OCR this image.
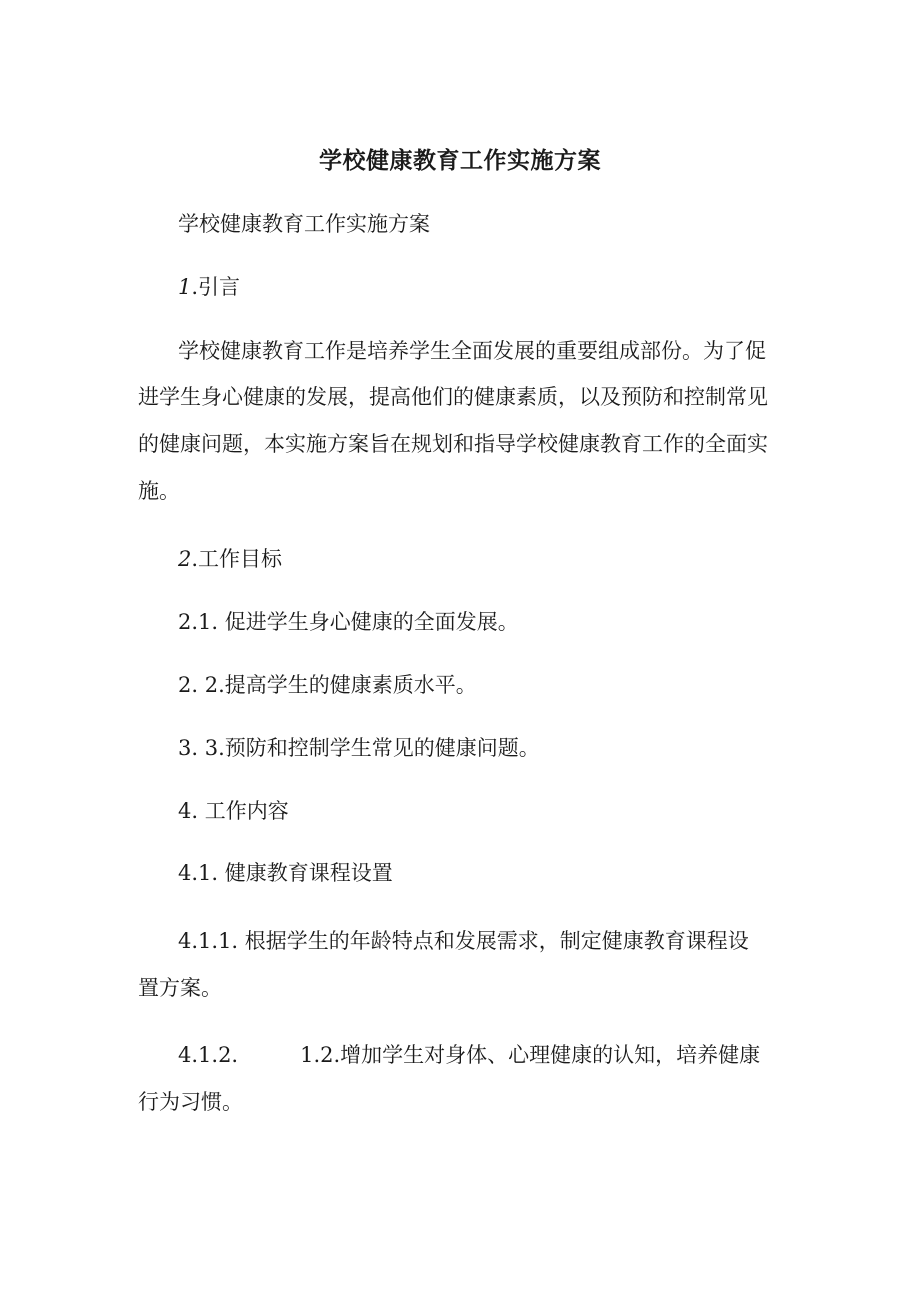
学校健康教育工作实施方案
学校健康教育工作实施方案
1.引言
学校健康教育工作是培养学生全面发展的重要组成部份。为了促
进学生身心健康的发展，提高他们的健康素质，以及预防和控制常见
的健康问题，本实施方案旨在规划和指导学校健康教育工作的全面实
施。
2.工作目标
2.1. 促进学生身心健康的全面发展。
2. 2.提高学生的健康素质水平。
3. 3.预防和控制学生常见的健康问题。
4. 工作内容
4.1. 健康教育课程设置
4.1.1. 根据学生的年龄特点和发展需求，制定健康教育课程设
置方案。
4.1.2.	1.2.增加学生对身体、心理健康的认知，培养健康
行为习惯。
